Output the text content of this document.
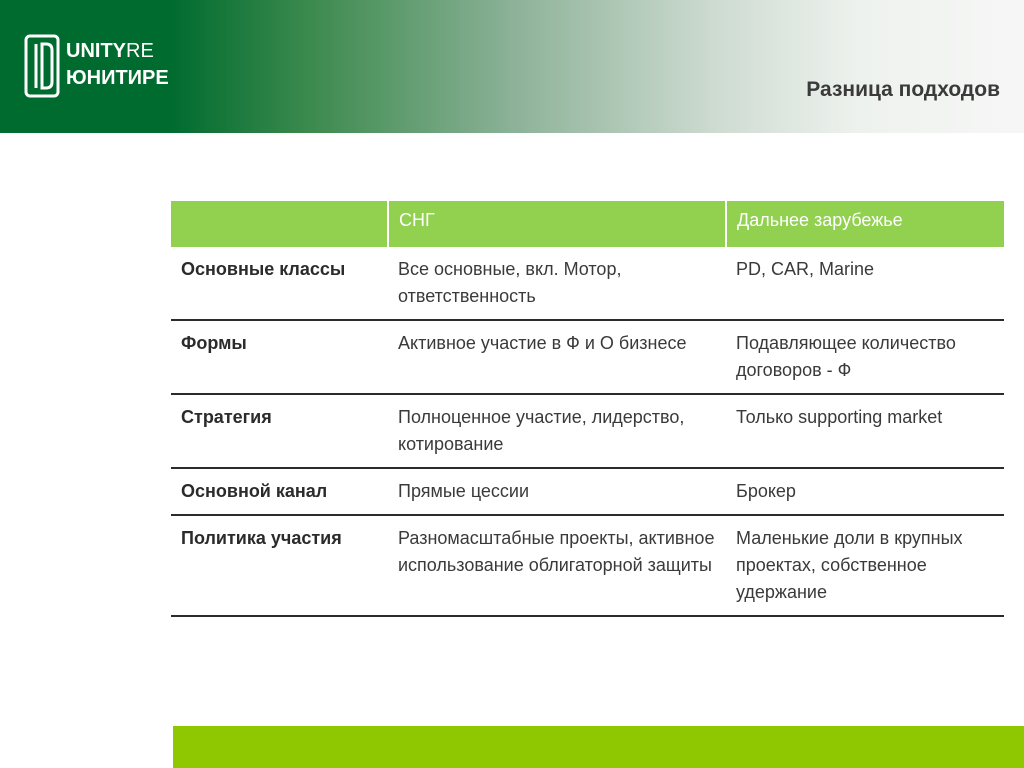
UNITYRE
ЮНИТИРЕ	Разница подходов
	СНГ	Дальнее зарубежье
Основные классы	Все основные, вкл. Мотор, ответственность	PD, CAR, Marine
Формы	Активное участие в Ф и О бизнесе	Подавляющее количество договоров - Ф
Стратегия	Полноценное участие, лидерство, котирование	Только supporting market
Основной канал	Прямые цессии	Брокер
Политика участия	Разномасштабные проекты, активное использование облигаторной защиты	Маленькие доли в крупных проектах, собственное удержание
